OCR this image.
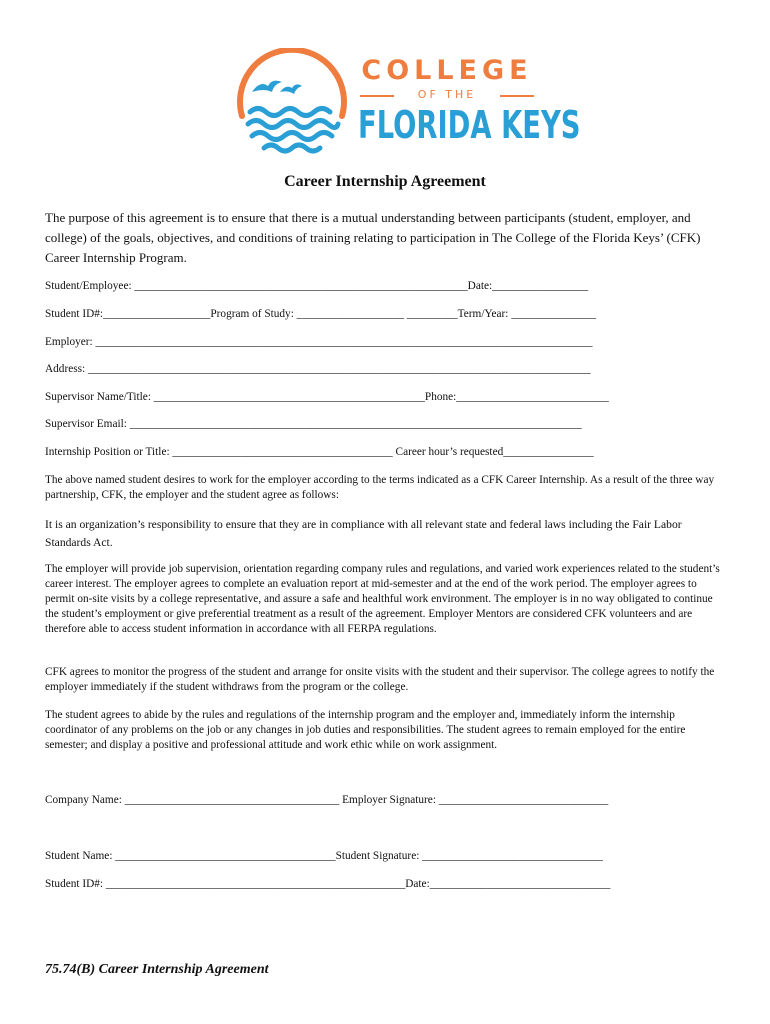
COLLEGE
OF THE
FLORIDA KEYS
Career Internship Agreement
The purpose of this agreement is to ensure that there is a mutual understanding between participants (student, employer, and college) of the goals, objectives, and conditions of training relating to participation in The College of the Florida Keys’ (CFK) Career Internship Program.
Student/Employee: ___________________________________________________________Date:_________________
Student ID#:___________________Program of Study: ___________________ _________Term/Year: _______________
Employer: ________________________________________________________________________________________
Address: _________________________________________________________________________________________
Supervisor Name/Title: ________________________________________________Phone:___________________________
Supervisor Email: ________________________________________________________________________________
Internship Position or Title: _______________________________________ Career hour’s requested________________
The above named student desires to work for the employer according to the terms indicated as a CFK Career Internship. As a result of the three way partnership, CFK, the employer and the student agree as follows:
It is an organization’s responsibility to ensure that they are in compliance with all relevant state and federal laws including the Fair Labor Standards Act.
The employer will provide job supervision, orientation regarding company rules and regulations, and varied work experiences related to the student’s career interest. The employer agrees to complete an evaluation report at mid-semester and at the end of the work period. The employer agrees to permit on-site visits by a college representative, and assure a safe and healthful work environment. The employer is in no way obligated to continue the student’s employment or give preferential treatment as a result of the agreement. Employer Mentors are considered CFK volunteers and are therefore able to access student information in accordance with all FERPA regulations.
CFK agrees to monitor the progress of the student and arrange for onsite visits with the student and their supervisor. The college agrees to notify the employer immediately if the student withdraws from the program or the college.
The student agrees to abide by the rules and regulations of the internship program and the employer and, immediately inform the internship coordinator of any problems on the job or any changes in job duties and responsibilities. The student agrees to remain employed for the entire semester; and display a positive and professional attitude and work ethic while on work assignment.
Company Name: ______________________________________ Employer Signature: ______________________________
Student Name: _______________________________________Student Signature: ________________________________
Student ID#: _____________________________________________________Date:________________________________
75.74(B) Career Internship Agreement
